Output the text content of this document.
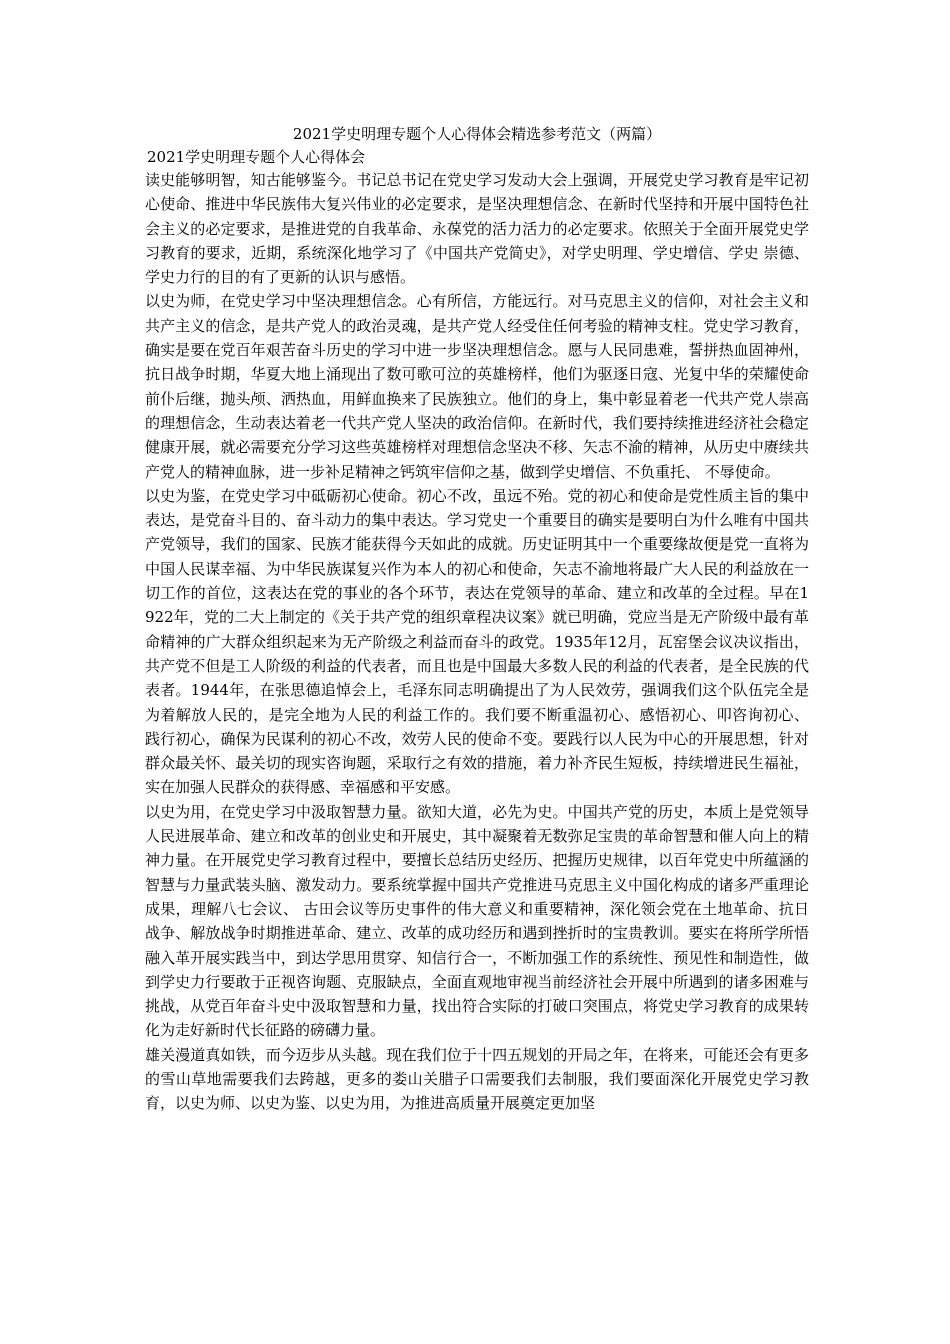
2021学史明理专题个人心得体会精选参考范文（两篇）
2021学史明理专题个人心得体会

读史能够明智，知古能够鉴今。书记总书记在党史学习发动大会上强调，开展党史学习教育是牢记初心使命、推进中华民族伟大复兴伟业的必定要求，是坚决理想信念、在新时代坚持和开展中国特色社会主义的必定要求，是推进党的自我革命、永葆党的活力活力的必定要求。依照关于全面开展党史学习教育的要求，近期，系统深化地学习了《中国共产党简史》，对学史明理、学史增信、学史 崇德、学史力行的目的有了更新的认识与感悟。

以史为师，在党史学习中坚决理想信念。心有所信，方能远行。对马克思主义的信仰，对社会主义和共产主义的信念，是共产党人的政治灵魂，是共产党人经受住任何考验的精神支柱。党史学习教育，确实是要在党百年艰苦奋斗历史的学习中进一步坚决理想信念。愿与人民同患难，誓拼热血固神州， 抗日战争时期，华夏大地上涌现出了数可歌可泣的英雄榜样，他们为驱逐日寇、光复中华的荣耀使命前仆后继，抛头颅、洒热血，用鲜血换来了民族独立。他们的身上，集中彰显着老一代共产党人崇高的理想信念，生动表达着老一代共产党人坚决的政治信仰。在新时代，我们要持续推进经济社会稳定健康开展，就必需要充分学习这些英雄榜样对理想信念坚决不移、矢志不渝的精神，从历史中赓续共产党人的精神血脉，进一步补足精神之钙筑牢信仰之基，做到学史增信、不负重托、 不辱使命。

以史为鉴，在党史学习中砥砺初心使命。初心不改，虽远不殆。党的初心和使命是党性质主旨的集中表达，是党奋斗目的、奋斗动力的集中表达。学习党史一个重要目的确实是要明白为什么唯有中国共产党领导，我们的国家、民族才能获得今天如此的成就。历史证明其中一个重要缘故便是党一直将为中国人民谋幸福、为中华民族谋复兴作为本人的初心和使命，矢志不渝地将最广大人民的利益放在一切工作的首位，这表达在党的事业的各个环节，表达在党领导的革命、建立和改革的全过程。早在1922年，党的二大上制定的《关于共产党的组织章程决议案》就已明确，党应当是无产阶级中最有革命精神的广大群众组织起来为无产阶级之利益而奋斗的政党。1935年12月，瓦窑堡会议决议指出，共产党不但是工人阶级的利益的代表者，而且也是中国最大多数人民的利益的代表者，是全民族的代表者。1944年，在张思德追悼会上，毛泽东同志明确提出了为人民效劳，强调我们这个队伍完全是为着解放人民的，是完全地为人民的利益工作的。我们要不断重温初心、感悟初心、叩咨询初心、 践行初心，确保为民谋利的初心不改，效劳人民的使命不变。要践行以人民为中心的开展思想，针对群众最关怀、最关切的现实咨询题，采取行之有效的措施，着力补齐民生短板，持续增进民生福祉，实在加强人民群众的获得感、幸福感和平安感。

以史为用，在党史学习中汲取智慧力量。欲知大道，必先为史。中国共产党的历史，本质上是党领导人民进展革命、建立和改革的创业史和开展史，其中凝聚着无数弥足宝贵的革命智慧和催人向上的精神力量。在开展党史学习教育过程中，要擅长总结历史经历、把握历史规律，以百年党史中所蕴涵的智慧与力量武装头脑、激发动力。要系统掌握中国共产党推进马克思主义中国化构成的诸多严重理论成果，理解八七会议、 古田会议等历史事件的伟大意义和重要精神，深化领会党在土地革命、抗日战争、解放战争时期推进革命、建立、改革的成功经历和遇到挫折时的宝贵教训。要实在将所学所悟融入革开展实践当中，到达学思用贯穿、知信行合一，不断加强工作的系统性、预见性和制造性，做到学史力行要敢于正视咨询题、克服缺点，全面直观地审视当前经济社会开展中所遇到的诸多困难与挑战，从党百年奋斗史中汲取智慧和力量，找出符合实际的打破口突围点，将党史学习教育的成果转化为走好新时代长征路的磅礴力量。

雄关漫道真如铁，而今迈步从头越。现在我们位于十四五规划的开局之年，在将来，可能还会有更多的雪山草地需要我们去跨越，更多的娄山关腊子口需要我们去制服，我们要面深化开展党史学习教育，以史为师、以史为鉴、以史为用，为推进高质量开展奠定更加坚
